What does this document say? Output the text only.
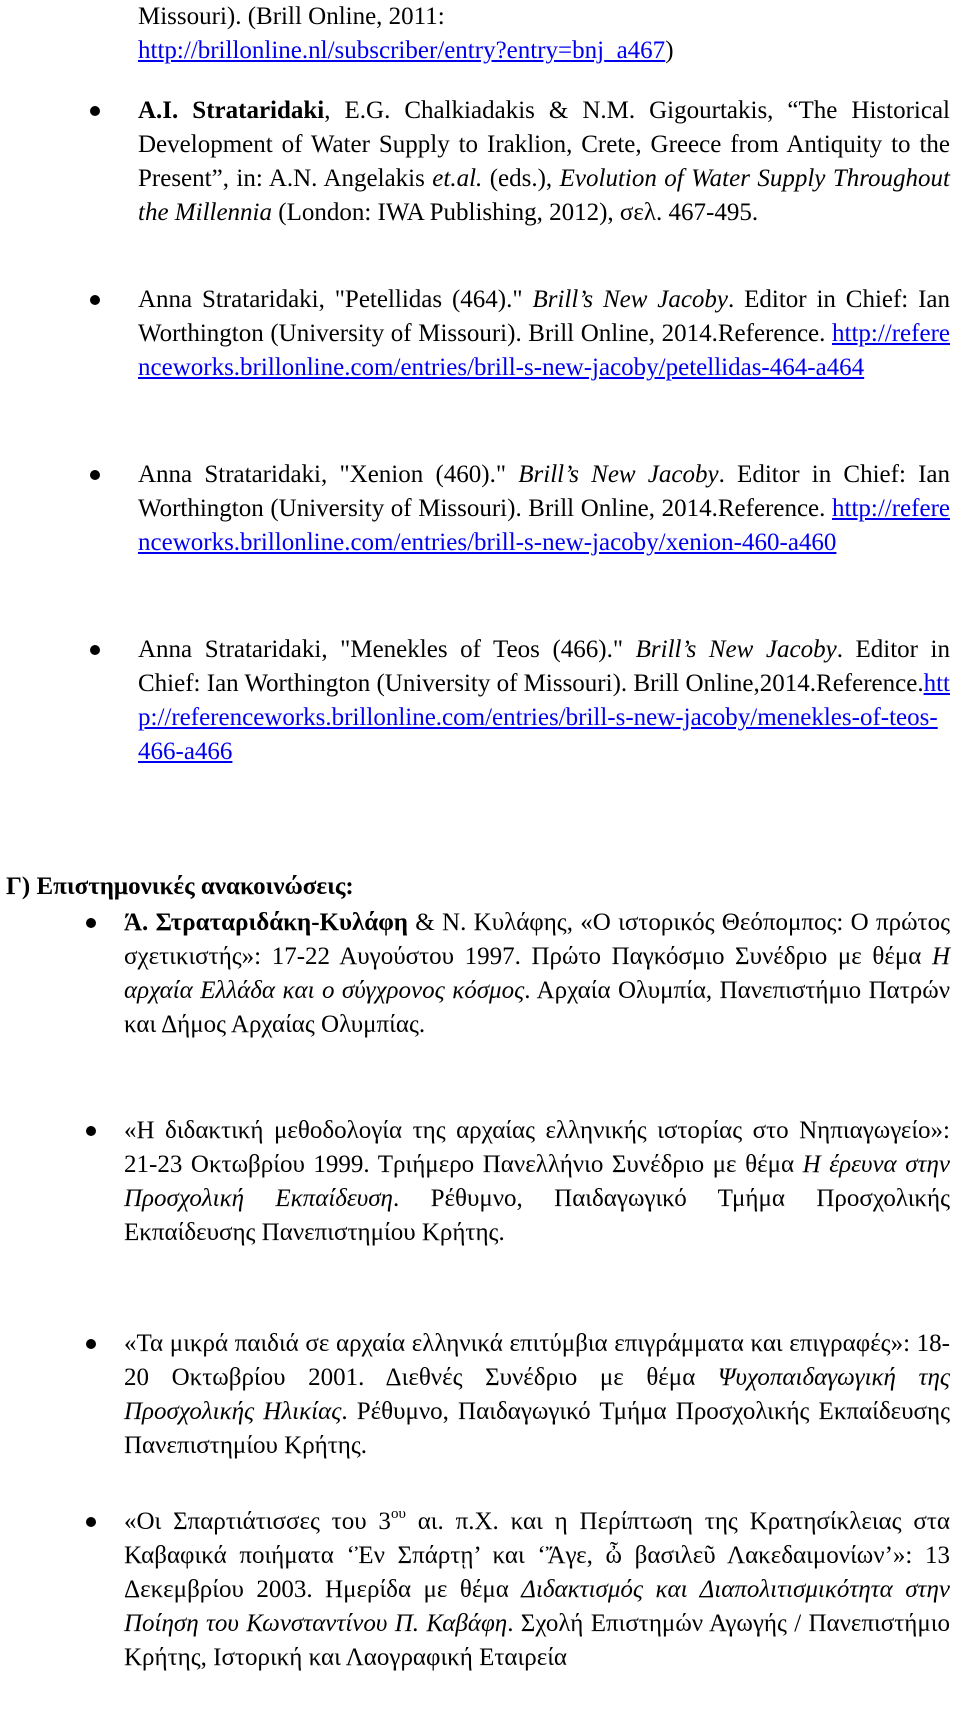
Missouri). (Brill Online, 2011:
http://brillonline.nl/subscriber/entry?entry=bnj_a467)
A.I. Strataridaki, E.G. Chalkiadakis & N.M. Gigourtakis, “The Historical Development of Water Supply to Iraklion, Crete, Greece from Antiquity to the Present”, in: A.N. Angelakis et.al. (eds.), Evolution of Water Supply Throughout the Millennia (London: IWA Publishing, 2012), σελ. 467-495.
Anna Strataridaki, "Petellidas (464)." Brill’s New Jacoby. Editor in Chief: Ian Worthington (University of Missouri). Brill Online, 2014.Reference. http://referenceworks.brillonline.com/entries/brill-s-new-jacoby/petellidas-464-a464
Anna Strataridaki, "Xenion (460)." Brill’s New Jacoby. Editor in Chief: Ian Worthington (University of Missouri). Brill Online, 2014.Reference. http://referenceworks.brillonline.com/entries/brill-s-new-jacoby/xenion-460-a460
Anna Strataridaki, "Menekles of Teos (466)." Brill’s New Jacoby. Editor in Chief: Ian Worthington (University of Missouri). Brill Online,2014.Reference.http://referenceworks.brillonline.com/entries/brill-s-new-jacoby/menekles-of-teos-466-a466
Γ) Επιστημονικές ανακοινώσεις:
Ά. Στραταριδάκη-Κυλάφη & Ν. Κυλάφης, «Ο ιστορικός Θεόπομπος: Ο πρώτος σχετικιστής»: 17-22 Αυγούστου 1997. Πρώτο Παγκόσμιο Συνέδριο με θέμα Η αρχαία Ελλάδα και ο σύγχρονος κόσμος. Αρχαία Ολυμπία, Πανεπιστήμιο Πατρών και Δήμος Αρχαίας Ολυμπίας.
«Η διδακτική μεθοδολογία της αρχαίας ελληνικής ιστορίας στο Νηπιαγωγείο»: 21-23 Οκτωβρίου 1999. Τριήμερο Πανελλήνιο Συνέδριο με θέμα Η έρευνα στην Προσχολική Εκπαίδευση. Ρέθυμνο, Παιδαγωγικό Τμήμα Προσχολικής Εκπαίδευσης Πανεπιστημίου Κρήτης.
«Τα μικρά παιδιά σε αρχαία ελληνικά επιτύμβια επιγράμματα και επιγραφές»: 18-20 Οκτωβρίου 2001. Διεθνές Συνέδριο με θέμα Ψυχοπαιδαγωγική της Προσχολικής Ηλικίας. Ρέθυμνο, Παιδαγωγικό Τμήμα Προσχολικής Εκπαίδευσης Πανεπιστημίου Κρήτης.
«Οι Σπαρτιάτισσες του $3^{o\upsilon}$ αι. π.Χ. και η Περίπτωση της Κρατησίκλειας στα Καβαφικά ποιήματα ‘Ἐν Σπάρτῃ’ και ‘Ἄγε, ὦ βασιλεῦ Λακεδαιμονίων’»: 13 Δεκεμβρίου 2003. Ημερίδα με θέμα Διδακτισμός και Διαπολιτισμικότητα στην Ποίηση του Κωνσταντίνου Π. Καβάφη. Σχολή Επιστημών Αγωγής / Πανεπιστήμιο Κρήτης, Ιστορική και Λαογραφική Εταιρεία
